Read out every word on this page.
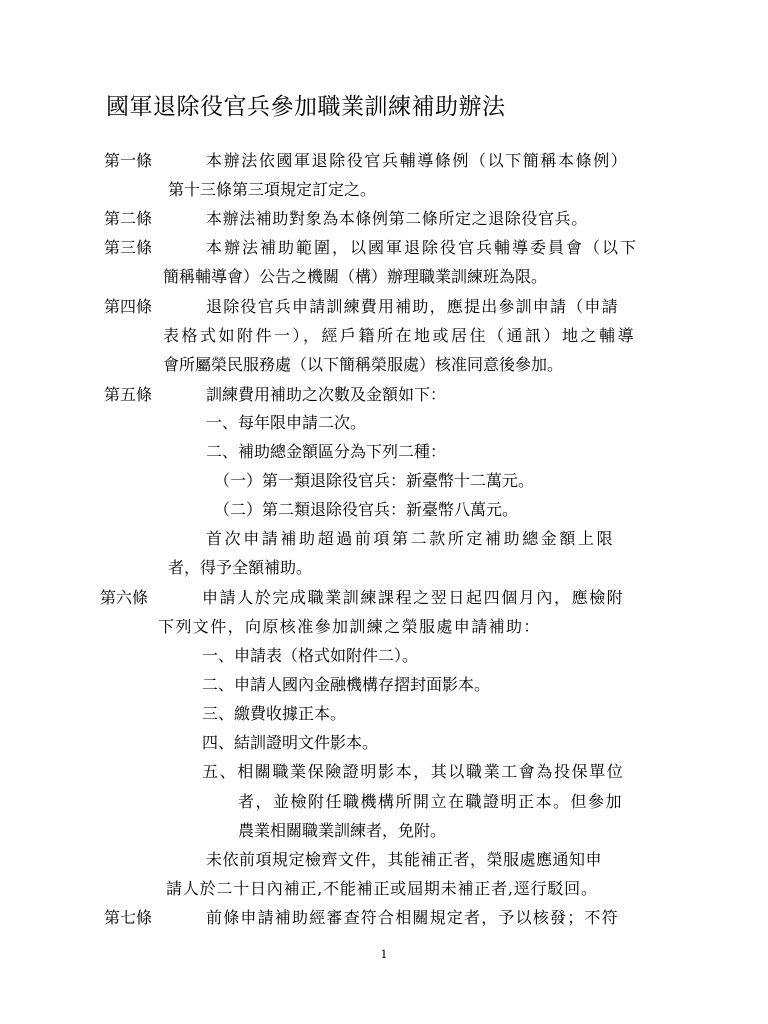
國軍退除役官兵參加職業訓練補助辦法
第一條	本辦法依國軍退除役官兵輔導條例（以下簡稱本條例）
第十三條第三項規定訂定之。
第二條	本辦法補助對象為本條例第二條所定之退除役官兵。
第三條	本辦法補助範圍，以國軍退除役官兵輔導委員會（以下
簡稱輔導會）公告之機關（構）辦理職業訓練班為限。
第四條	退除役官兵申請訓練費用補助，應提出參訓申請（申請
表格式如附件一），經戶籍所在地或居住（通訊）地之輔導
會所屬榮民服務處（以下簡稱榮服處）核准同意後參加。
第五條	訓練費用補助之次數及金額如下：
一、每年限申請二次。
二、補助總金額區分為下列二種：
（一）第一類退除役官兵：新臺幣十二萬元。
（二）第二類退除役官兵：新臺幣八萬元。
首次申請補助超過前項第二款所定補助總金額上限
者，得予全額補助。
第六條	申請人於完成職業訓練課程之翌日起四個月內，應檢附
下列文件，向原核准參加訓練之榮服處申請補助：
一、申請表（格式如附件二）。
二、申請人國內金融機構存摺封面影本。
三、繳費收據正本。
四、結訓證明文件影本。
五、相關職業保險證明影本，其以職業工會為投保單位
者，並檢附任職機構所開立在職證明正本。但參加
農業相關職業訓練者，免附。
未依前項規定檢齊文件，其能補正者，榮服處應通知申
請人於二十日內補正,不能補正或屆期未補正者,逕行駁回。
第七條	前條申請補助經審查符合相關規定者，予以核發；不符
1
